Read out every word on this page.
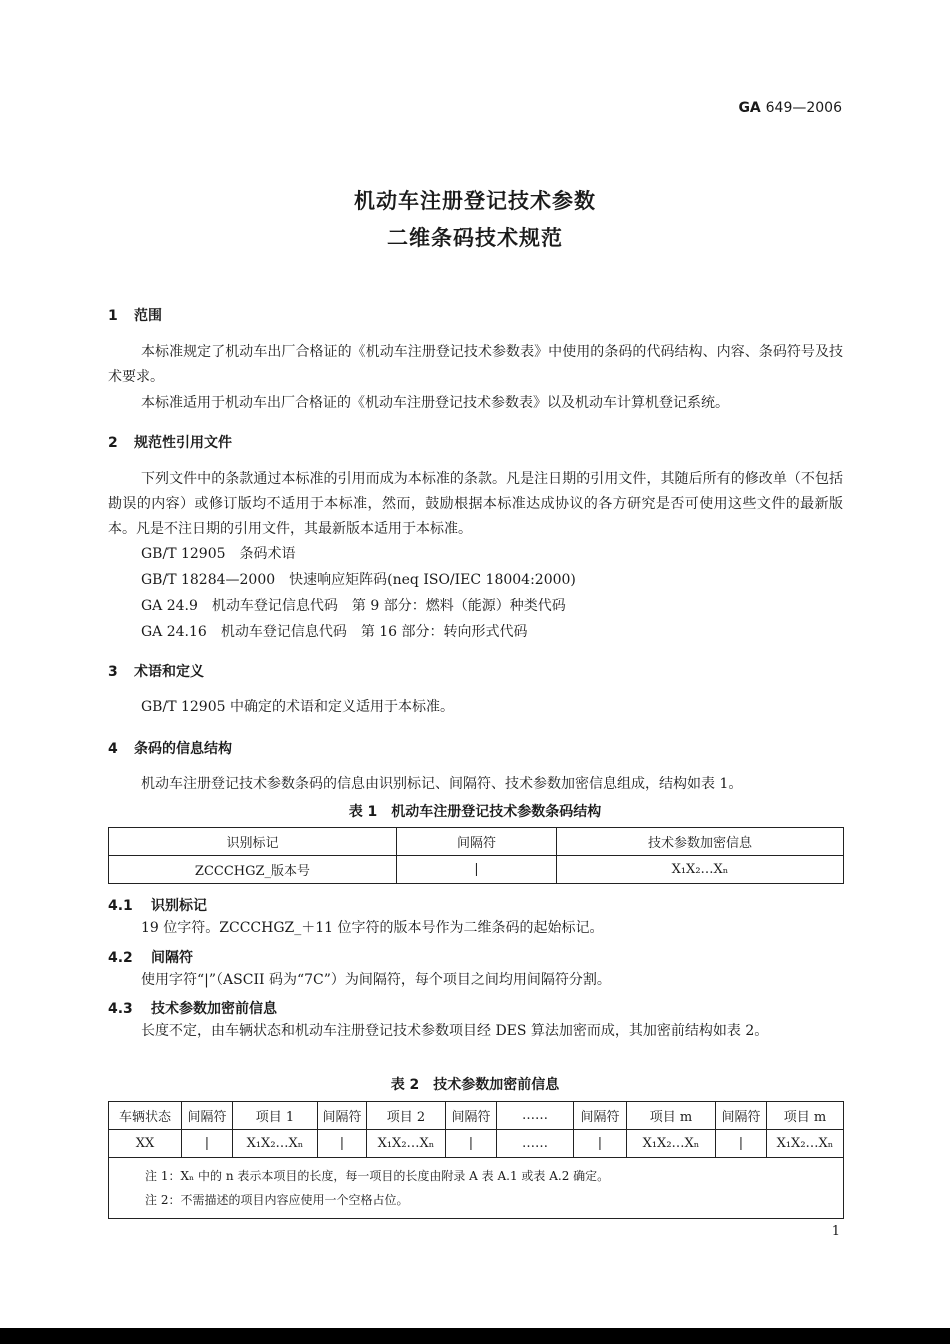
GA 649—2006
机动车注册登记技术参数
二维条码技术规范
1 范围
本标准规定了机动车出厂合格证的《机动车注册登记技术参数表》中使用的条码的代码结构、内容、条码符号及技术要求。
本标准适用于机动车出厂合格证的《机动车注册登记技术参数表》以及机动车计算机登记系统。
2 规范性引用文件
下列文件中的条款通过本标准的引用而成为本标准的条款。凡是注日期的引用文件，其随后所有的修改单（不包括勘误的内容）或修订版均不适用于本标准，然而，鼓励根据本标准达成协议的各方研究是否可使用这些文件的最新版本。凡是不注日期的引用文件，其最新版本适用于本标准。
GB/T 12905　条码术语
GB/T 18284—2000　快速响应矩阵码(neq ISO/IEC 18004:2000)
GA 24.9　机动车登记信息代码　第 9 部分：燃料（能源）种类代码
GA 24.16　机动车登记信息代码　第 16 部分：转向形式代码
3 术语和定义
GB/T 12905 中确定的术语和定义适用于本标准。
4 条码的信息结构
机动车注册登记技术参数条码的信息由识别标记、间隔符、技术参数加密信息组成，结构如表 1。
表 1　机动车注册登记技术参数条码结构
识别标记	间隔符	技术参数加密信息
ZCCCHGZ_版本号	|	X₁X₂…Xₙ
4.1 识别标记
19 位字符。ZCCCHGZ_＋11 位字符的版本号作为二维条码的起始标记。
4.2 间隔符
使用字符“|”（ASCII 码为“7C”）为间隔符，每个项目之间均用间隔符分割。
4.3 技术参数加密前信息
长度不定，由车辆状态和机动车注册登记技术参数项目经 DES 算法加密而成，其加密前结构如表 2。
表 2　技术参数加密前信息
车辆状态	间隔符	项目 1	间隔符	项目 2	间隔符	……	间隔符	项目 m	间隔符	项目 m
XX	|	X₁X₂…Xₙ	|	X₁X₂…Xₙ	|	……	|	X₁X₂…Xₙ	|	X₁X₂…Xₙ

注 1：Xₙ 中的 n 表示本项目的长度，每一项目的长度由附录 A 表 A.1 或表 A.2 确定。
注 2：不需描述的项目内容应使用一个空格占位。										
1
